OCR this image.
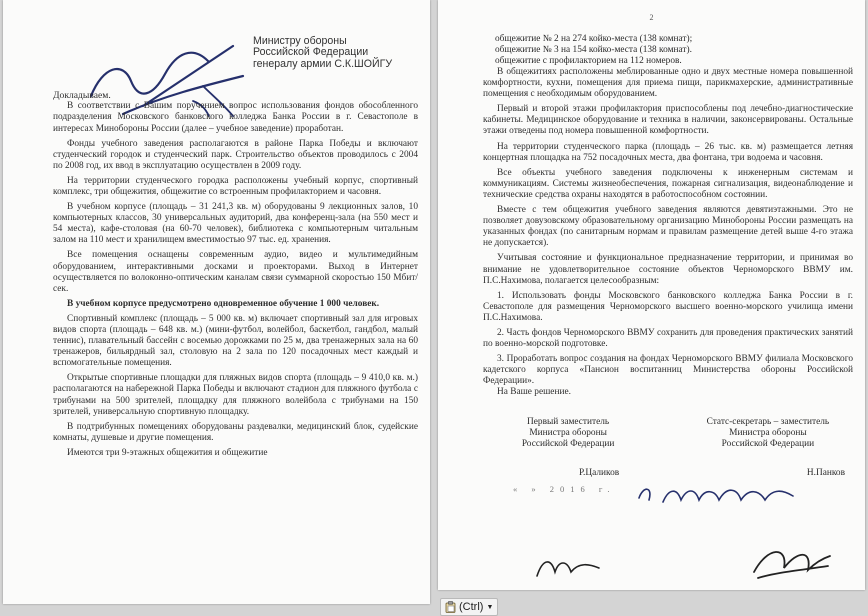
Министру обороны
Российской Федерации
генералу армии С.К.ШОЙГУ

Докладываем.

В соответствии с Вашим поручением вопрос использования фондов обособленного подразделения Московского банковского колледжа Банка России в г. Севастополе в интересах Минобороны России (далее – учебное заведение) проработан.

Фонды учебного заведения располагаются в районе Парка Победы и включают студенческий городок и студенческий парк. Строительство объектов проводилось с 2004 по 2008 год, их ввод в эксплуатацию осуществлен в 2009 году.

На территории студенческого городка расположены учебный корпус, спортивный комплекс, три общежития, общежитие со встроенным профилакторием и часовня.

В учебном корпусе (площадь – 31 241,3 кв. м) оборудованы 9 лекционных залов, 10 компьютерных классов, 30 универсальных аудиторий, два конференц-зала (на 550 мест и 54 места), кафе-столовая (на 60-70 человек), библиотека с компьютерным читальным залом на 110 мест и хранилищем вместимостью 97 тыс. ед. хранения.

Все помещения оснащены современным аудио, видео и мультимедийным оборудованием, интерактивными досками и проекторами. Выход в Интернет осуществляется по волоконно-оптическим каналам связи суммарной скоростью 150 Мбит/сек.

В учебном корпусе предусмотрено одновременное обучение 1 000 человек.

Спортивный комплекс (площадь – 5 000 кв. м) включает спортивный зал для игровых видов спорта (площадь – 648 кв. м.) (мини-футбол, волейбол, баскетбол, гандбол, малый теннис), плавательный бассейн с восемью дорожками по 25 м, два тренажерных зала на 60 тренажеров, бильярдный зал, столовую на 2 зала по 120 посадочных мест каждый и вспомогательные помещения.

Открытые спортивные площадки для пляжных видов спорта (площадь – 9 410,0 кв. м.) располагаются на набережной Парка Победы и включают стадион для пляжного футбола с трибунами на 500 зрителей, площадку для пляжного волейбола с трибунами на 150 зрителей, универсальную спортивную площадку.

В подтрибунных помещениях оборудованы раздевалки, медицинский блок, судейские комнаты, душевые и другие помещения.

Имеются три 9-этажных общежития и общежитие

2
общежитие № 2 на 274 койко-места (138 комнат);
общежитие № 3 на 154 койко-места (138 комнат).
общежитие с профилакторием на 112 номеров.

В общежитиях расположены меблированные одно и двух местные номера повышенной комфортности, кухни, помещения для приема пищи, парикмахерские, административные помещения с необходимым оборудованием.

Первый и второй этажи профилактория приспособлены под лечебно-диагностические кабинеты. Медицинское оборудование и техника в наличии, законсервированы. Остальные этажи отведены под номера повышенной комфортности.

На территории студенческого парка (площадь – 26 тыс. кв. м) размещается летняя концертная площадка на 752 посадочных места, два фонтана, три водоема и часовня.

Все объекты учебного заведения подключены к инженерным системам и коммуникациям. Системы жизнеобеспечения, пожарная сигнализация, видеонаблюдение и технические средства охраны находятся в работоспособном состоянии.

Вместе с тем общежития учебного заведения являются девятиэтажными. Это не позволяет довузовскому образовательному организацию Минобороны России размещать на указанных фондах (по санитарным нормам и правилам размещение детей выше 4-го этажа не допускается).

Учитывая состояние и функциональное предназначение территории, и принимая во внимание не удовлетворительное состояние объектов Черноморского ВВМУ им. П.С.Нахимова, полагается целесообразным:

1. Использовать фонды Московского банковского колледжа Банка России в г. Севастополе для размещения Черноморского высшего военно-морского училища имени П.С.Нахимова.

2. Часть фондов Черноморского ВВМУ сохранить для проведения практических занятий по военно-морской подготовке.

3. Проработать вопрос создания на фондах Черноморского ВВМУ филиала Московского кадетского корпуса «Пансион воспитанниц Министерства обороны Российской Федерации».

На Ваше решение.

Первый заместитель
Министра обороны
Российской Федерации
Статс-секретарь – заместитель
Министра обороны
Российской Федерации
Р.Цаликов	Н.Панков
« » 2016 г.
(Ctrl) ▼
